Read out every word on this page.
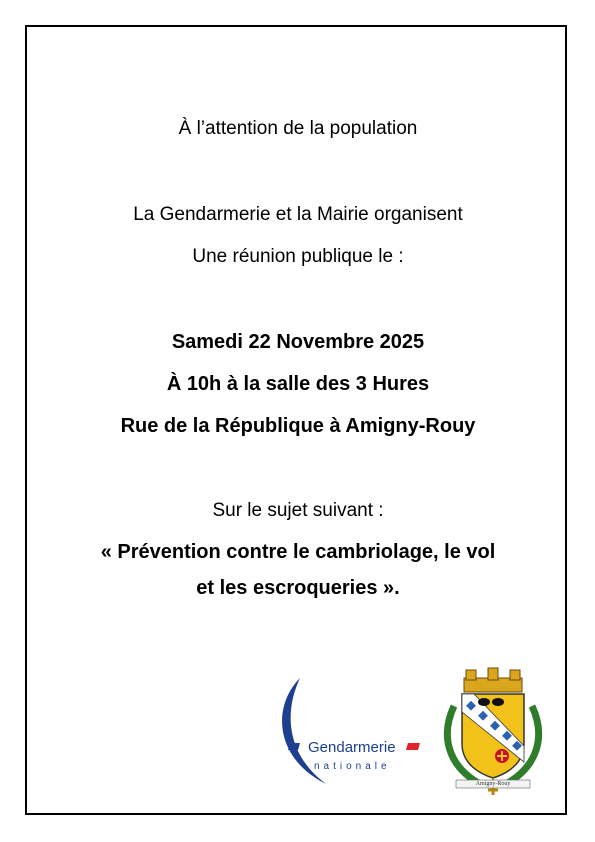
À l’attention de la population
La Gendarmerie et la Mairie organisent
Une réunion publique le :
Samedi 22 Novembre 2025
À 10h à la salle des 3 Hures
Rue de la République à Amigny-Rouy
Sur le sujet suivant :
« Prévention contre le cambriolage, le vol
et les escroqueries ».
Gendarmerie
nationale
Amigny-Rouy
